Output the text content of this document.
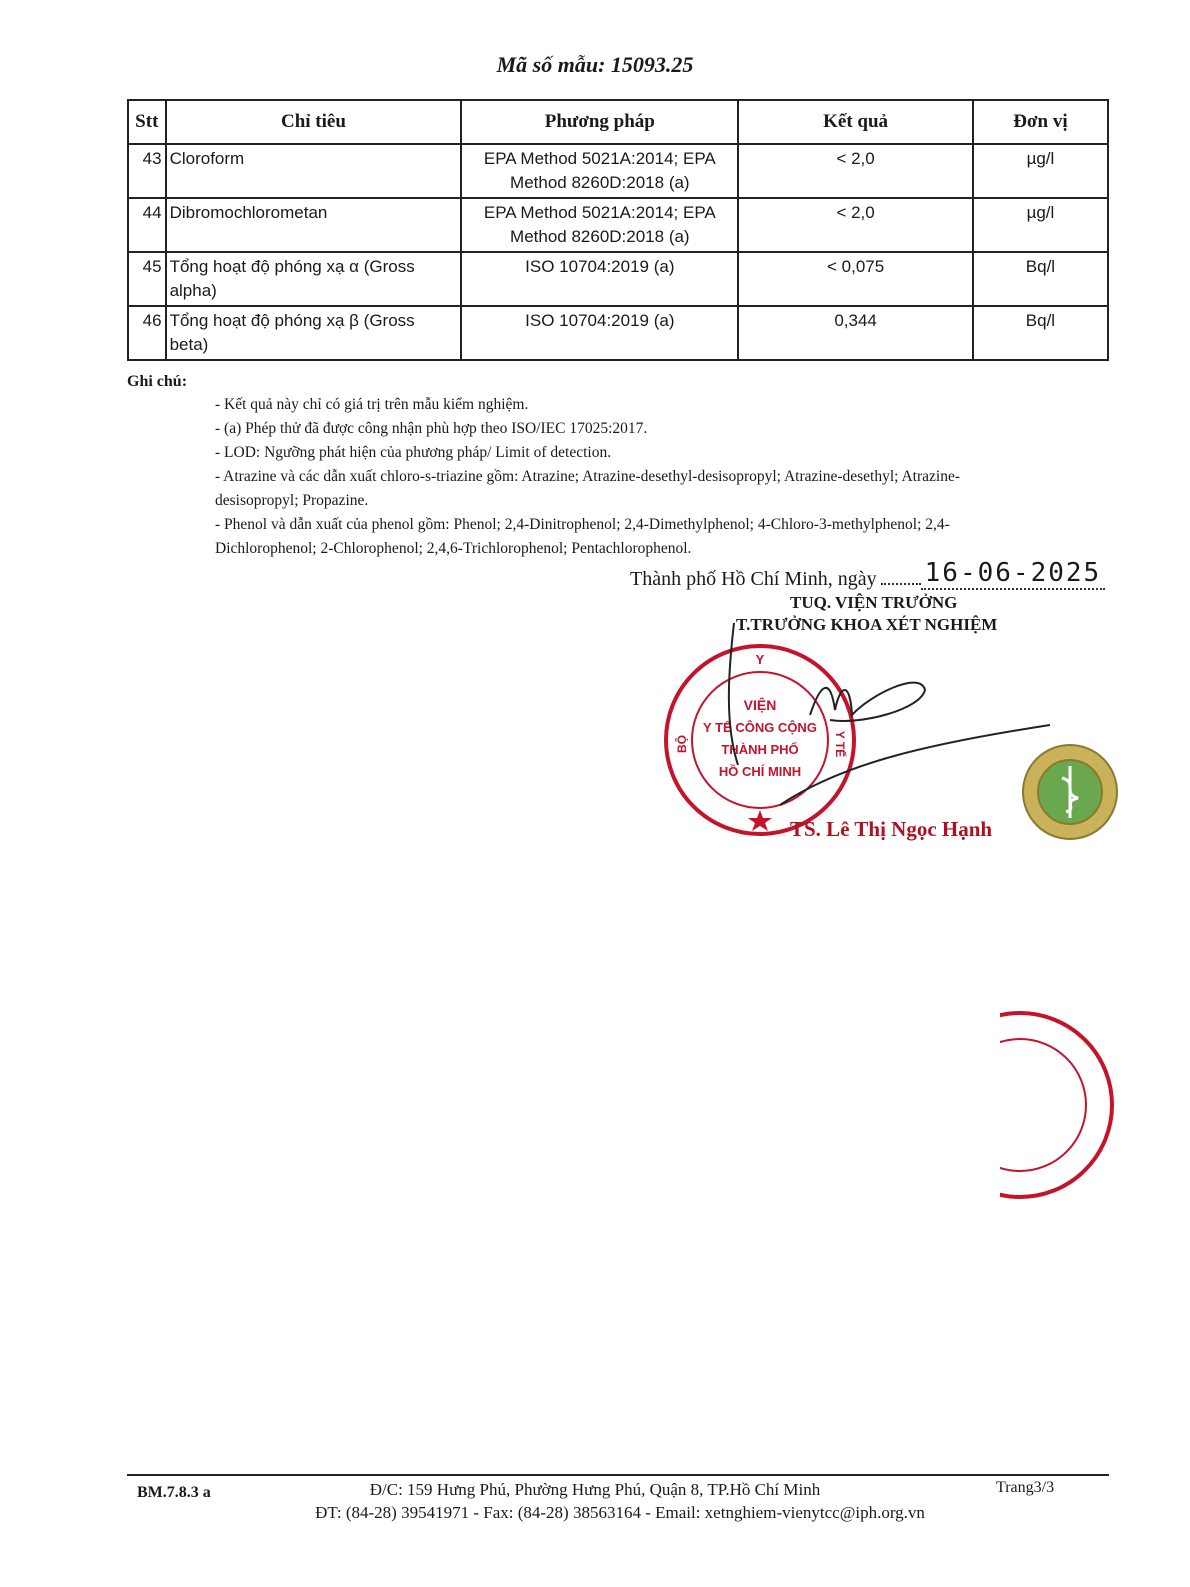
Mã số mẫu: 15093.25
Stt	Chỉ tiêu	Phương pháp	Kết quả	Đơn vị
43	Cloroform	EPA Method 5021A:2014; EPA Method 8260D:2018 (a)	< 2,0	µg/l
44	Dibromochlorometan	EPA Method 5021A:2014; EPA Method 8260D:2018 (a)	< 2,0	µg/l
45	Tổng hoạt độ phóng xạ α (Gross alpha)	ISO 10704:2019 (a)	< 0,075	Bq/l
46	Tổng hoạt độ phóng xạ β (Gross beta)	ISO 10704:2019 (a)	0,344	Bq/l
Ghi chú:
- Kết quả này chỉ có giá trị trên mẫu kiểm nghiệm.
- (a) Phép thử đã được công nhận phù hợp theo ISO/IEC 17025:2017.
- LOD: Ngưỡng phát hiện của phương pháp/ Limit of detection.
- Atrazine và các dẫn xuất chloro-s-triazine gồm: Atrazine; Atrazine-desethyl-desisopropyl; Atrazine-desethyl; Atrazine-desisopropyl; Propazine.
- Phenol và dẫn xuất của phenol gồm: Phenol; 2,4-Dinitrophenol; 2,4-Dimethylphenol; 4-Chloro-3-methylphenol; 2,4-Dichlorophenol; 2-Chlorophenol; 2,4,6-Trichlorophenol; Pentachlorophenol.
Thành phố Hồ Chí Minh, ngày 16-06-2025
TUQ. VIỆN TRƯỞNG
T.TRƯỞNG KHOA XÉT NGHIỆM
Y
BỘ	Y TẾ
VIỆN
Y TẾ CÔNG CỘNG
THÀNH PHỐ
HỒ CHÍ MINH
TS. Lê Thị Ngọc Hạnh
BM.7.8.3 a	Đ/C: 159 Hưng Phú, Phường Hưng Phú, Quận 8, TP.Hồ Chí Minh
ĐT: (84-28) 39541971 - Fax: (84-28) 38563164 - Email: xetnghiem-vienytcc@iph.org.vn
Trang3/3
